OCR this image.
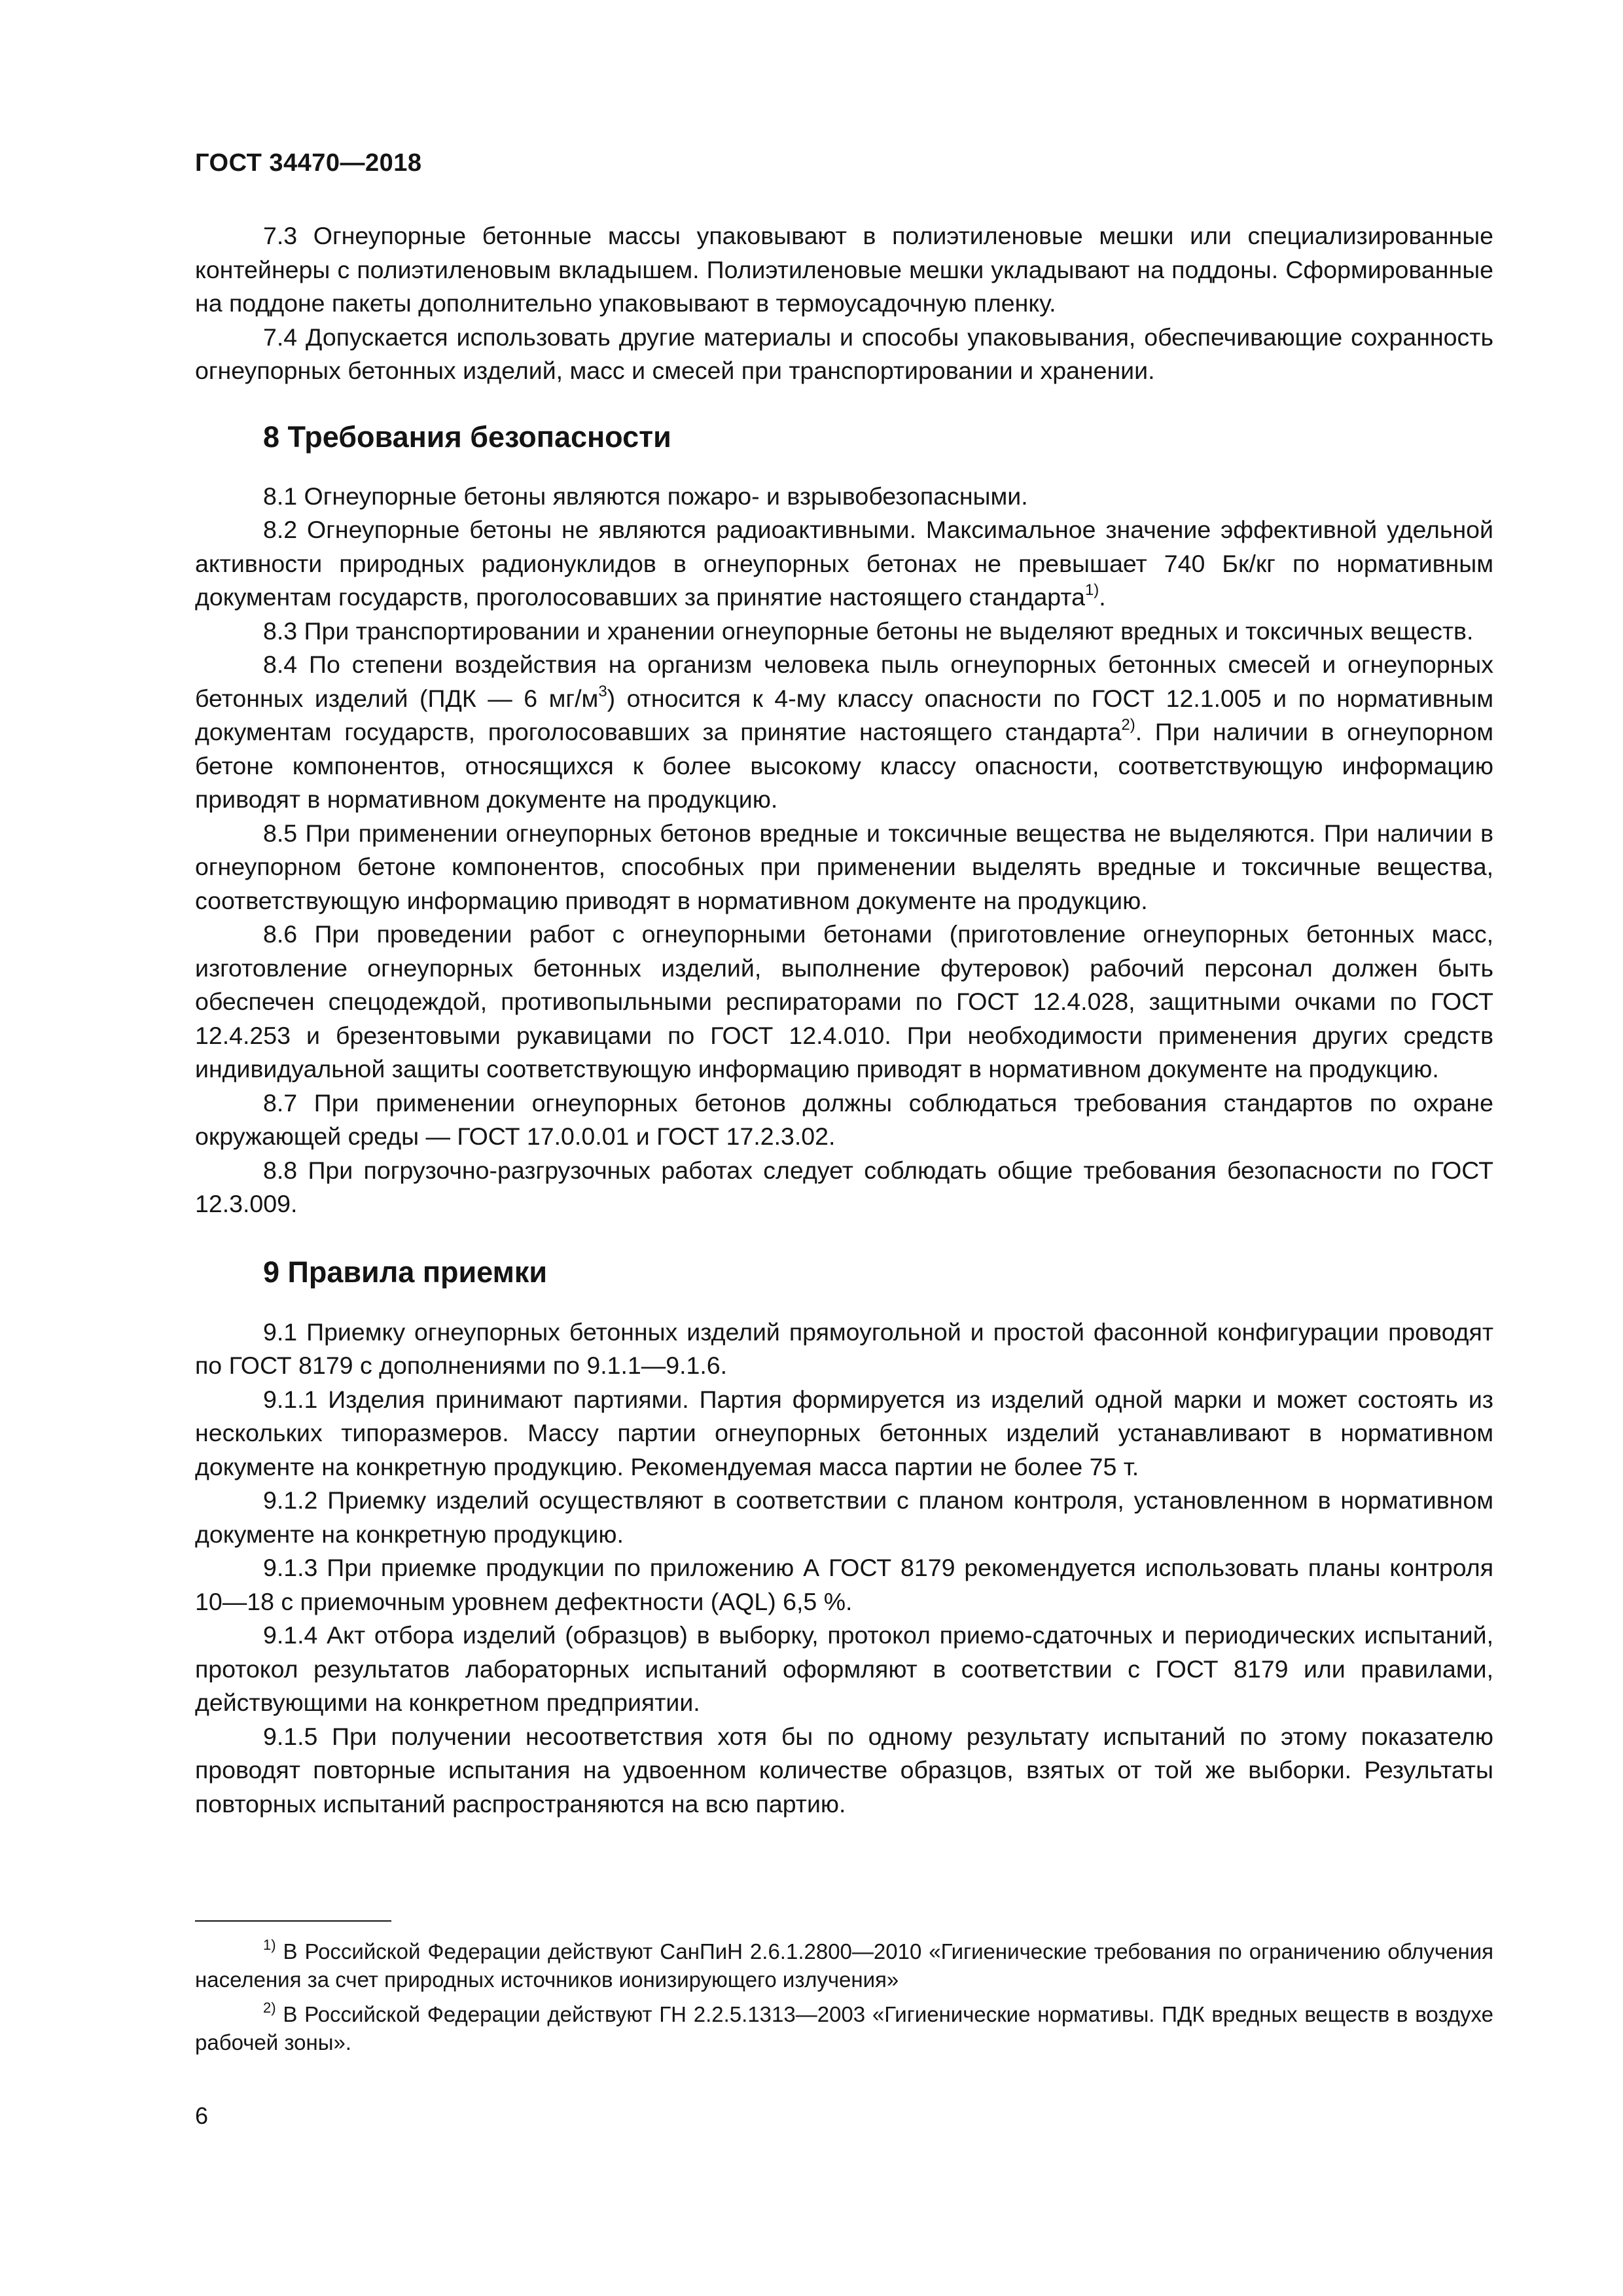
ГОСТ 34470—2018

7.3 Огнеупорные бетонные массы упаковывают в полиэтиленовые мешки или специализированные контейнеры с полиэтиленовым вкладышем. Полиэтиленовые мешки укладывают на поддоны. Сформированные на поддоне пакеты дополнительно упаковывают в термоусадочную пленку.

7.4 Допускается использовать другие материалы и способы упаковывания, обеспечивающие сохранность огнеупорных бетонных изделий, масс и смесей при транспортировании и хранении.

8 Требования безопасности

8.1 Огнеупорные бетоны являются пожаро- и взрывобезопасными.

8.2 Огнеупорные бетоны не являются радиоактивными. Максимальное значение эффективной удельной активности природных радионуклидов в огнеупорных бетонах не превышает 740 Бк/кг по нормативным документам государств, проголосовавших за принятие настоящего стандарта$^{1)}$.

8.3 При транспортировании и хранении огнеупорные бетоны не выделяют вредных и токсичных веществ.

8.4 По степени воздействия на организм человека пыль огнеупорных бетонных смесей и огнеупорных бетонных изделий (ПДК — 6 $мг/м^3$) относится к 4-му классу опасности по ГОСТ 12.1.005 и по нормативным документам государств, проголосовавших за принятие настоящего стандарта$^{2)}$. При наличии в огнеупорном бетоне компонентов, относящихся к более высокому классу опасности, соответствующую информацию приводят в нормативном документе на продукцию.

8.5 При применении огнеупорных бетонов вредные и токсичные вещества не выделяются. При наличии в огнеупорном бетоне компонентов, способных при применении выделять вредные и токсичные вещества, соответствующую информацию приводят в нормативном документе на продукцию.

8.6 При проведении работ с огнеупорными бетонами (приготовление огнеупорных бетонных масс, изготовление огнеупорных бетонных изделий, выполнение футеровок) рабочий персонал должен быть обеспечен спецодеждой, противопыльными респираторами по ГОСТ 12.4.028, защитными очками по ГОСТ 12.4.253 и брезентовыми рукавицами по ГОСТ 12.4.010. При необходимости применения других средств индивидуальной защиты соответствующую информацию приводят в нормативном документе на продукцию.

8.7 При применении огнеупорных бетонов должны соблюдаться требования стандартов по охране окружающей среды — ГОСТ 17.0.0.01 и ГОСТ 17.2.3.02.

8.8 При погрузочно-разгрузочных работах следует соблюдать общие требования безопасности по ГОСТ 12.3.009.

9 Правила приемки

9.1 Приемку огнеупорных бетонных изделий прямоугольной и простой фасонной конфигурации проводят по ГОСТ 8179 с дополнениями по 9.1.1—9.1.6.

9.1.1 Изделия принимают партиями. Партия формируется из изделий одной марки и может состоять из нескольких типоразмеров. Массу партии огнеупорных бетонных изделий устанавливают в нормативном документе на конкретную продукцию. Рекомендуемая масса партии не более 75 т.

9.1.2 Приемку изделий осуществляют в соответствии с планом контроля, установленном в нормативном документе на конкретную продукцию.

9.1.3 При приемке продукции по приложению А ГОСТ 8179 рекомендуется использовать планы контроля 10—18 с приемочным уровнем дефектности (AQL) 6,5 %.

9.1.4 Акт отбора изделий (образцов) в выборку, протокол приемо-сдаточных и периодических испытаний, протокол результатов лабораторных испытаний оформляют в соответствии с ГОСТ 8179 или правилами, действующими на конкретном предприятии.

9.1.5 При получении несоответствия хотя бы по одному результату испытаний по этому показателю проводят повторные испытания на удвоенном количестве образцов, взятых от той же выборки. Результаты повторных испытаний распространяются на всю партию.

$^{1)}$ В Российской Федерации действуют СанПиН 2.6.1.2800—2010 «Гигиенические требования по ограничению облучения населения за счет природных источников ионизирующего излучения»

$^{2)}$ В Российской Федерации действуют ГН 2.2.5.1313—2003 «Гигиенические нормативы. ПДК вредных веществ в воздухе рабочей зоны».

6
